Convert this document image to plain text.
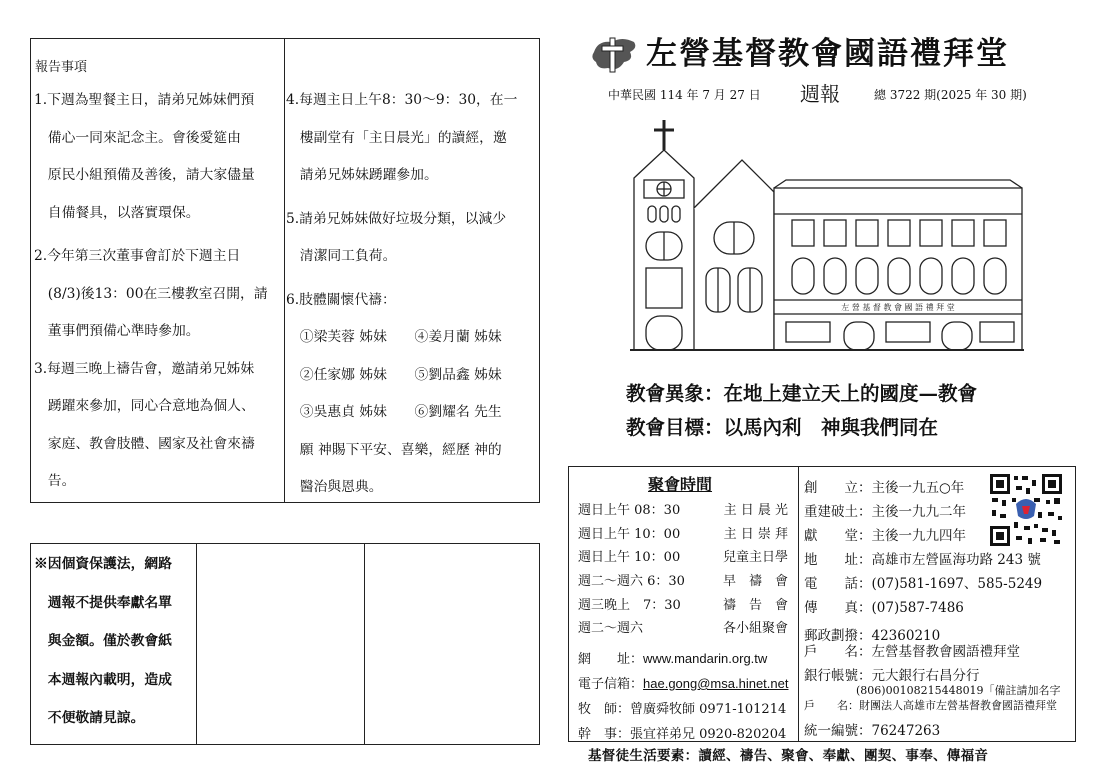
報告事項
1.下週為聖餐主日，請弟兄姊妹們預
　備心一同來記念主。會後愛筵由
　原民小組預備及善後，請大家儘量
　自備餐具，以落實環保。
2.今年第三次董事會訂於下週主日
　(8/3)後13：00在三樓教室召開，請
　董事們預備心準時參加。
3.每週三晚上禱告會，邀請弟兄姊妹
　踴躍來參加，同心合意地為個人、
　家庭、教會肢體、國家及社會來禱
　告。
4.每週主日上午8：30～9：30，在一
　樓副堂有「主日晨光」的讀經，邀
　請弟兄姊妹踴躍參加。
5.請弟兄姊妹做好垃圾分類，以減少
　清潔同工負荷。
6.肢體關懷代禱：
　①梁芙蓉 姊妹　　④姜月蘭 姊妹
　②任家娜 姊妹　　⑤劉品鑫 姊妹
　③吳惠貞 姊妹　　⑥劉耀名 先生
　願 神賜下平安、喜樂，經歷 神的
　醫治與恩典。
※因個資保護法，網路
　週報不提供奉獻名單
　與金額。僅於教會紙
　本週報內載明，造成
　不便敬請見諒。
左營基督教會國語禮拜堂
中華民國 114 年 7 月 27 日 週報	總 3722 期(2025 年 30 期)
左 營 基 督 教 會 國 語 禮 拜 堂
教會異象：在地上建立天上的國度—教會
教會目標：以馬內利　神與我們同在
聚會時間
週日上午 08：30	主 日 晨 光
週日上午 10：00	主 日 崇 拜
週日上午 10：00	兒童主日學
週二～週六 6：30	早　禱　會
週三晚上　7：30	禱　告　會
週二～週六	各小組聚會
網　　址：www.mandarin.org.tw
電子信箱：hae.gong@msa.hinet.net
牧　師：曾廣舜牧師 0971-101214
幹　事：張宜祥弟兄 0920-820204
創　　立：主後一九五○年
重建破土：主後一九九二年
獻　　堂：主後一九九四年
地　　址：高雄市左營區海功路 243 號
電　　話：(07)581-1697、585-5249
傳　　真：(07)587-7486
郵政劃撥：42360210
戶　　名：左營基督教會國語禮拜堂
銀行帳號：元大銀行右昌分行
(806)00108215448019「備註請加名字
戶　　名：財團法人高雄市左營基督教會國語禮拜堂
統一編號：76247263
基督徒生活要素：讀經、禱告、聚會、奉獻、團契、事奉、傳福音
